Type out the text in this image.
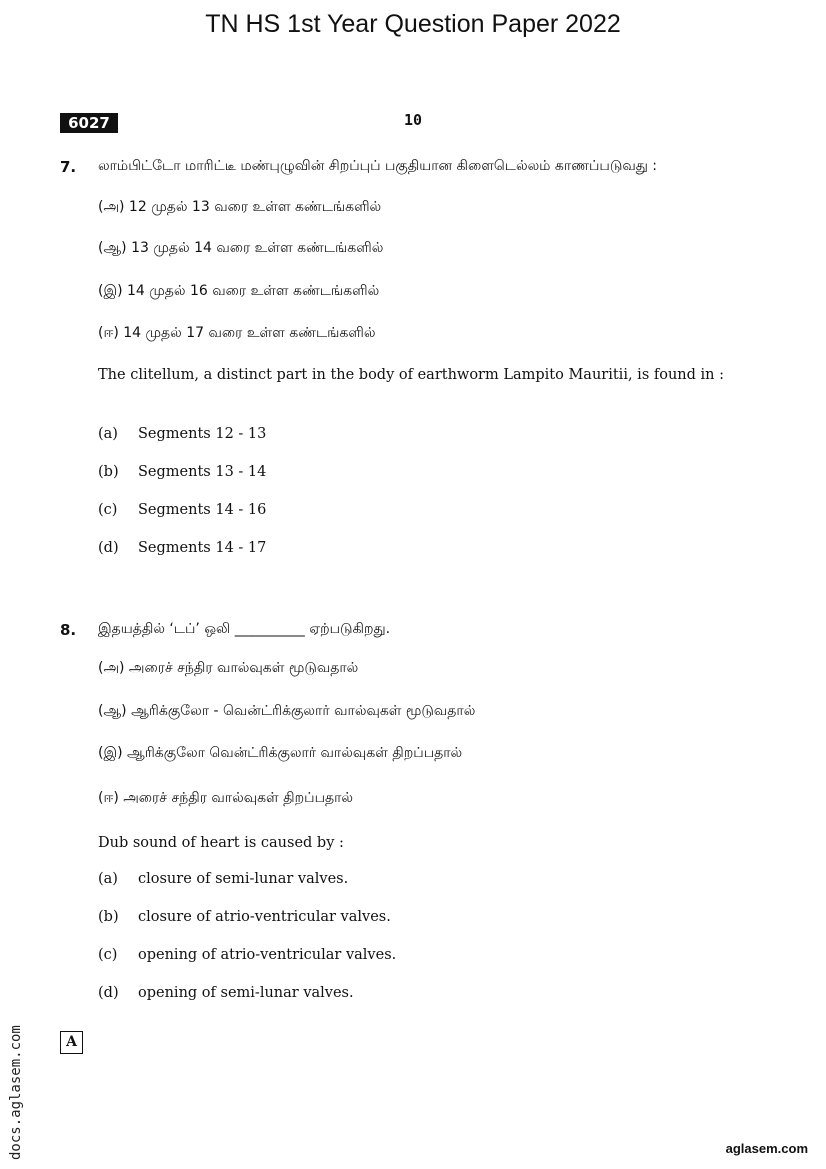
TN HS 1st Year Question Paper 2022
6027	10
7. லாம்பிட்டோ மாரிட்டீ மண்புழுவின் சிறப்புப் பகுதியான கிளைடெல்லம் காணப்படுவது :
(அ) 12 முதல் 13 வரை உள்ள கண்டங்களில்
(ஆ) 13 முதல் 14 வரை உள்ள கண்டங்களில்
(இ) 14 முதல் 16 வரை உள்ள கண்டங்களில்
(ஈ) 14 முதல் 17 வரை உள்ள கண்டங்களில்
The clitellum, a distinct part in the body of earthworm Lampito Mauritii, is found in :
(a) Segments 12 - 13
(b) Segments 13 - 14
(c) Segments 14 - 16
(d) Segments 14 - 17
8. இதயத்தில் ‘டப்’ ஒலி __________ ஏற்படுகிறது.
(அ) அரைச் சந்திர வால்வுகள் மூடுவதால்
(ஆ) ஆரிக்குலோ - வென்ட்ரிக்குலார் வால்வுகள் மூடுவதால்
(இ) ஆரிக்குலோ வென்ட்ரிக்குலார் வால்வுகள் திறப்பதால்
(ஈ) அரைச் சந்திர வால்வுகள் திறப்பதால்
Dub sound of heart is caused by :
(a) closure of semi-lunar valves.
(b) closure of atrio-ventricular valves.
(c) opening of atrio-ventricular valves.
(d) opening of semi-lunar valves.
A
docs.aglasem.com	aglasem.com
